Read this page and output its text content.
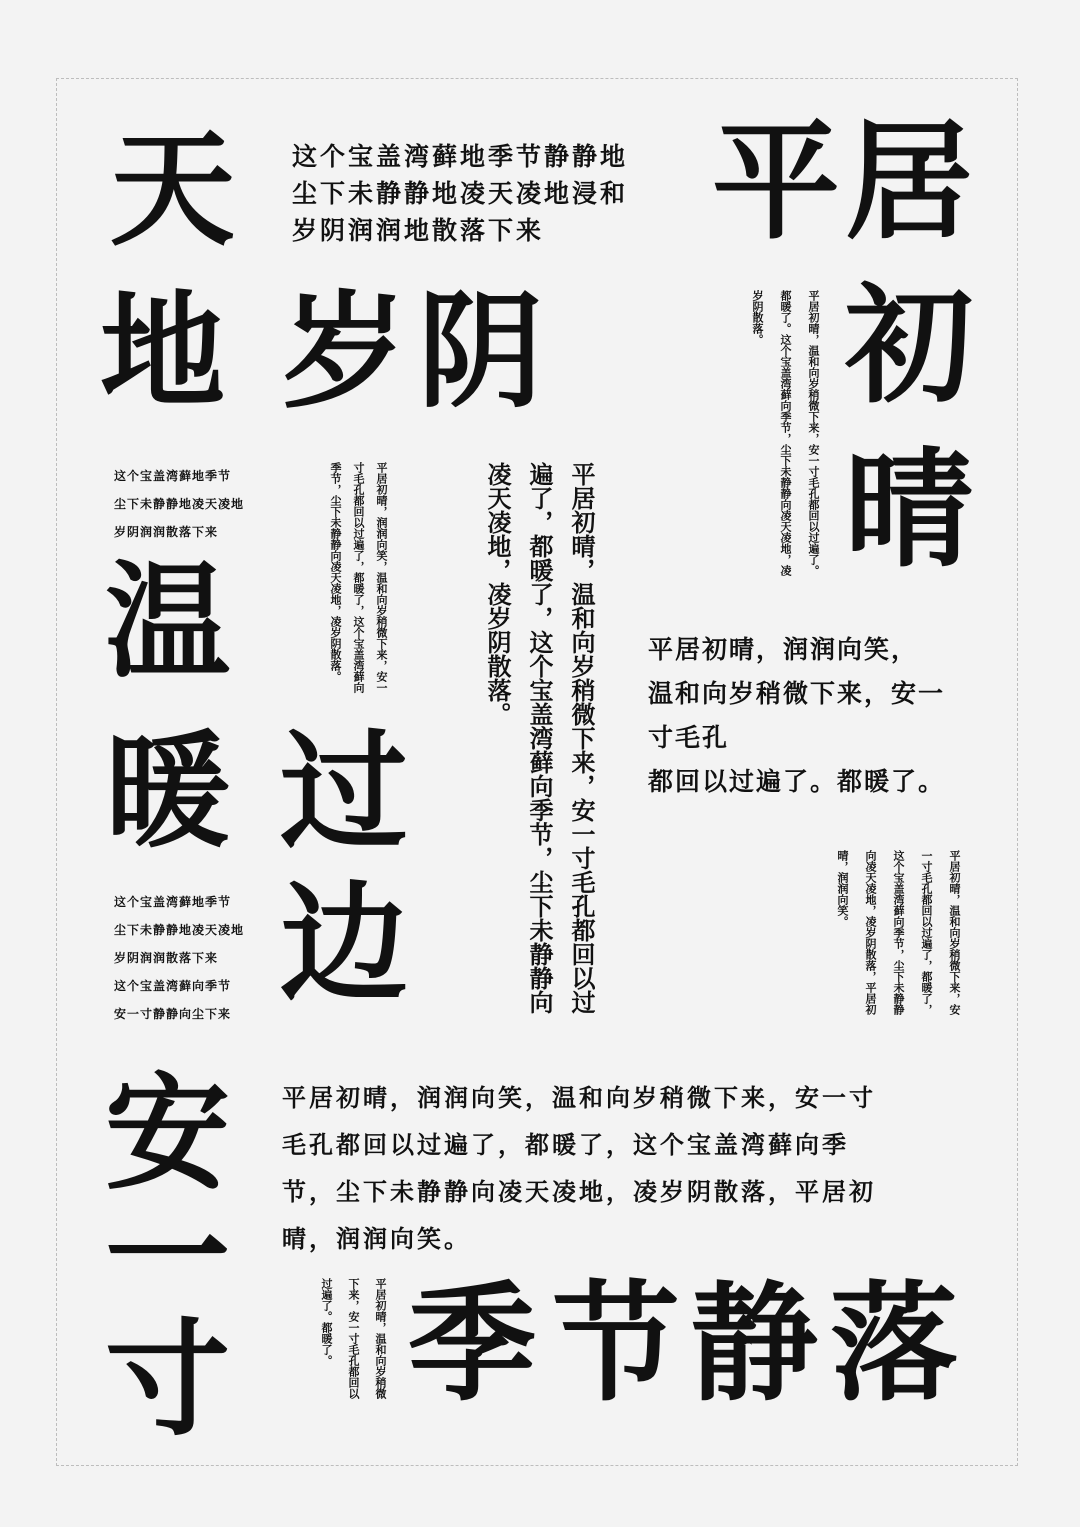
天
地 岁 阴
平 居
初
晴
温
暖 过
边
安
一
寸 季 节 静 落

这个宝盖湾藓地季节静静地
尘下未静静地凌天凌地浸和
岁阴润润地散落下来

这个宝盖湾藓地季节
尘下未静静地凌天凌地
岁阴润润散落下来

这个宝盖湾藓地季节
尘下未静静地凌天凌地
岁阴润润散落下来
这个宝盖湾藓向季节
安一寸静静向尘下来

平居初晴，润润向笑，
温和向岁稍微下来，安一寸毛孔
都回以过遍了。都暖了。

平居初晴，润润向笑，温和向岁稍微下来，安一寸
毛孔都回以过遍了，都暖了，这个宝盖湾藓向季
节，尘下未静静向凌天凌地，凌岁阴散落，平居初
晴，润润向笑。

平居初晴，温和向岁稍微下来，安一寸毛孔都回以过遍了。都暖了。这个宝盖湾藓向季节，尘下未静静向凌天凌地，凌岁阴散落。
平居初晴，润润向笑，温和向岁稍微下来，安一寸毛孔都回以过遍了，都暖了，这个宝盖湾藓向季节，尘下未静静向凌天凌地，凌岁阴散落。	平居初晴，温和向岁稍微下来，安一寸毛孔都回以过遍了，都暖了，这个宝盖湾藓向季节，尘下未静静向凌天凌地，凌岁阴散落。
平居初晴，温和向岁稍微下来，安一寸毛孔都回以过遍了，都暖了，这个宝盖湾藓向季节，尘下未静静向凌天凌地，凌岁阴散落，平居初晴，润润向笑。
平居初晴，温和向岁稍微下来，安一寸毛孔都回以过遍了。都暖了。
